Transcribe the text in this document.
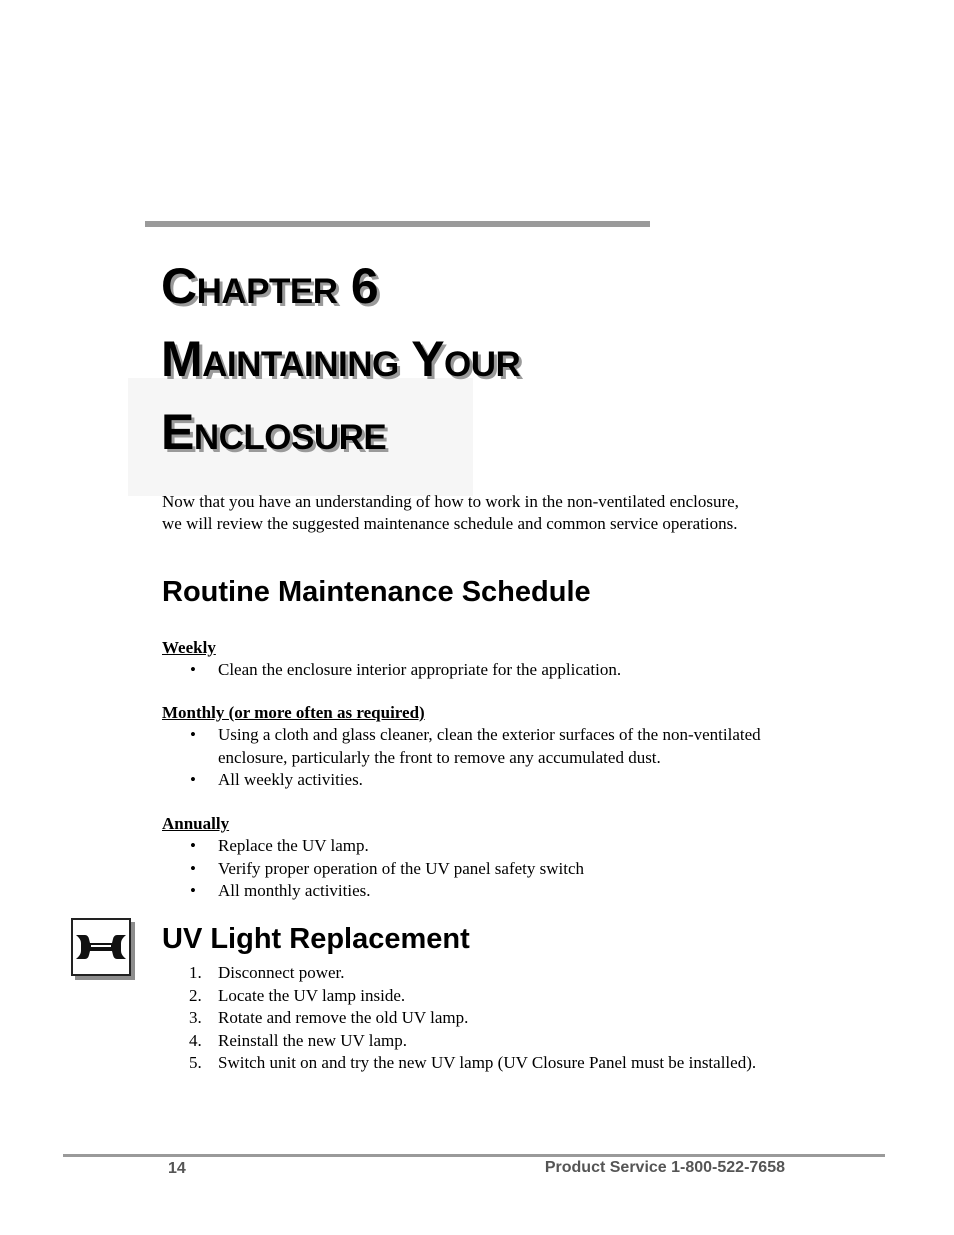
Chapter 6
Maintaining Your
Enclosure

Now that you have an understanding of how to work in the non-ventilated enclosure, we will review the suggested maintenance schedule and common service operations.

Routine Maintenance Schedule
Weekly
• Clean the enclosure interior appropriate for the application.
Monthly (or more often as required)
• Using a cloth and glass cleaner, clean the exterior surfaces of the non-ventilated enclosure, particularly the front to remove any accumulated dust.
• All weekly activities.
Annually
• Replace the UV lamp.
• Verify proper operation of the UV panel safety switch
• All monthly activities.
UV Light Replacement
1. Disconnect power.
2. Locate the UV lamp inside.
3. Rotate and remove the old UV lamp.
4. Reinstall the new UV lamp.
5. Switch unit on and try the new UV lamp (UV Closure Panel must be installed).
14	Product Service 1-800-522-7658
